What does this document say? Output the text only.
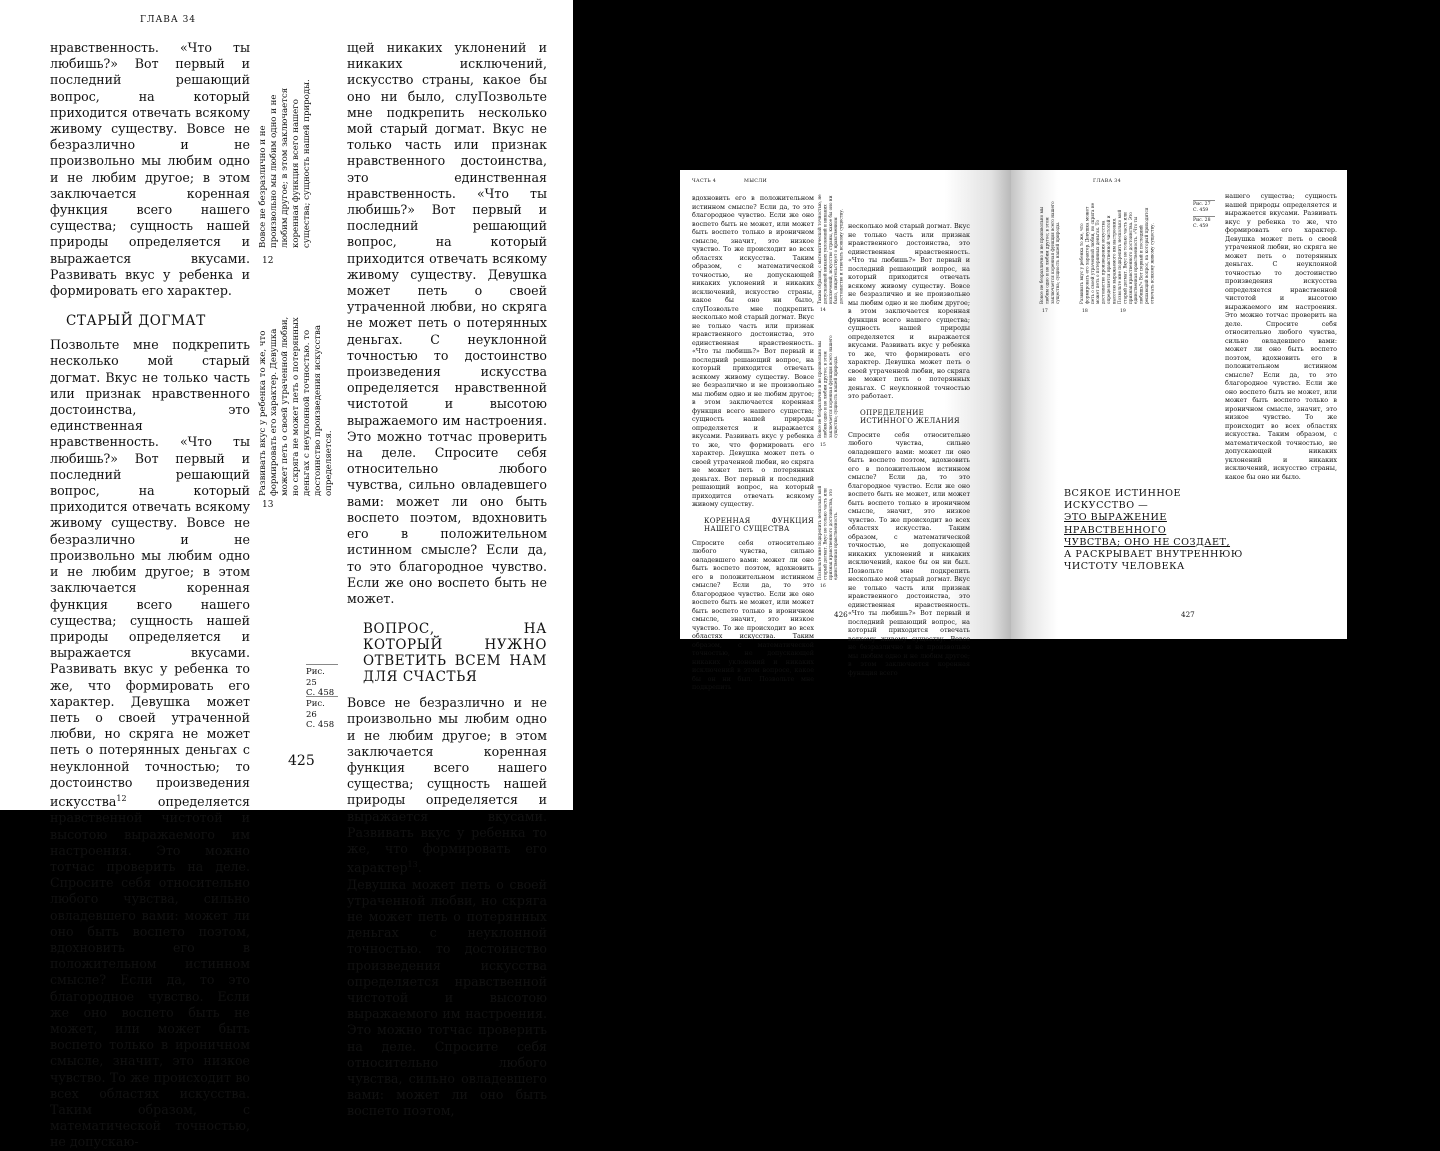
ГЛАВА 34

нравственность. «Что ты любишь?» Вот первый и последний решающий вопрос, на который приходится отвечать всякому живому существу. Вовсе не безразлично и не произвольно мы любим одно и не любим другое; в этом заключается коренная функция всего нашего существа; сущность нашей природы определяется и выражается вкусами. Развивать вкус у ребенка и формировать его характер.

СТАРЫЙ ДОГМАТ

Позвольте мне подкрепить несколько мой старый догмат. Вкус не только часть или признак нравственного достоинства, это единственная нравственность. «Что ты любишь?» Вот первый и последний решающий вопрос, на который приходится отвечать всякому живому существу. Вовсе не безразлично и не произвольно мы любим одно и не любим другое; в этом заключается коренная функция всего нашего существа; сущность нашей природы определяется и выражается вкусами. Развивать вкус у ребенка то же, что формировать его характер. Девушка может петь о своей утраченной любви, но скряга не может петь о потерянных деньгах с неуклонной точностью; то достоинство произведения искусства$^{12}$ определяется нравственной чистотой и высотою выражаемого им настроения. Это можно тотчас проверить на деле. Спросите себя относительно любого чувства, сильно овладевшего вами: может ли оно быть воспето поэтом, вдохновить его в положительном истинном смысле? Если да, то это благородное чувство. Если же оно воспето быть не может, или может быть воспето только в ироничном смысле, значит, это низкое чувство. То же происходит во всех областях искусства. Таким образом, с математической точностью, не допускаю-

Вовсе не безразлично и не произвольно мы любим одно и не любим другое; в этом заключается коренная функция всего нашего существа; сущность нашей природы.
12
Развивать вкус у ребенка то же, что формировать его характер. Девушка может петь о своей утраченной любви, но скряга не может петь о потерянных деньгах с неуклонной точностью. то достоинство произведения искусства определяется.
13
Рис. 25
С. 458
Рис. 26
С. 458

щей никаких уклонений и никаких исключений, искусство страны, какое бы оно ни было, слуПозвольте мне подкрепить несколько мой старый догмат. Вкус не только часть или признак нравственного достоинства, это единственная нравственность. «Что ты любишь?» Вот первый и последний решающий вопрос, на который приходится отвечать всякому живому существу. Девушка может петь о своей утраченной любви, но скряга не может петь о потерянных деньгах. С неуклонной точностью то достоинство произведения искусства определяется нравственной чистотой и высотою выражаемого им настроения. Это можно тотчас проверить на деле. Спросите себя относительно любого чувства, сильно овладевшего вами: может ли оно быть воспето поэтом, вдохновить его в положительном истинном смысле? Если да, то это благородное чувство. Если же оно воспето быть не может.

ВОПРОС, НА КОТОРЫЙ НУЖНО ОТВЕТИТЬ ВСЕМ НАМ ДЛЯ СЧАСТЬЯ

Вовсе не безразлично и не произвольно мы любим одно и не любим другое; в этом заключается коренная функция всего нашего существа; сущность нашей природы определяется и выражается вкусами. Развивать вкус у ребенка то же, что формировать его характер$^{13}$.

Девушка может петь о своей утраченной любви, но скряга не может петь о потерянных деньгах с неуклонной точностью. то достоинство произведения искусства определяется нравственной чистотой и высотою выражаемого им настроения. Это можно тотчас проверить на деле. Спросите себя относительно любого чувства, сильно овладевшего вами: может ли оно быть воспето поэтом,

425
ЧАСТЬ 4	МЫСЛИ

вдохновить его в положительном истинном смысле? Если да, то это благородное чувство. Если же оно воспето быть не может, или может быть воспето только в ироничном смысле, значит, это низкое чувство. То же происходит во всех областях искусства. Таким образом, с математической точностью, не допускающей никаких уклонений и никаких исключений, искусство страны, какое бы оно ни было, слуПозвольте мне подкрепить несколько мой старый догмат. Вкус не только часть или признак нравственного достоинства, это единственная нравственность. «Что ты любишь?» Вот первый и последний решающий вопрос, на который приходится отвечать всякому живому существу. Вовсе не безразлично и не произвольно мы любим одно и не любим другое; в этом заключается коренная функция всего нашего существа; сущность нашей природы определяется и выражается вкусами. Развивать вкус у ребенка то же, что формировать его характер. Девушка может петь о своей утраченной любви, но скряга не может петь о потерянных деньгах. Вот первый и последний решающий вопрос, на который приходится отвечать всякому живому существу.

КОРЕННАЯ ФУНКЦИЯ НАШЕГО СУЩЕСТВА

Спросите себя относительно любого чувства, сильно овладевшего вами: может ли оно быть воспето поэтом, вдохновить его в положительном истинном смысле? Если да, то это благородное чувство. Если же оно воспето быть не может, или может быть воспето только в ироничном смысле, значит, это низкое чувство. То же происходит во всех областях искусства. Таким образом, с математической точностью, не допускающей никаких уклонений и никаких исключений в этом вопросе, какое бы он ни был. Позвольте мне подкрепить

Таким образом, с математической точностью, не допускающей никаких уклонений и никаких исключений, искусство страны, какое бы оно ни было, свидетельствует о нравственном достоинстве и отвечать всякому существу.
14
Вовсе не безразлично и не произвольно мы любим одно и не любим другое; в этом заключается коренная функция всего нашего существа; сущность нашей природы.
15
Позвольте мне подкрепить несколько мой старый догмат. Вкус не только часть или признак нравственного достоинства, это единственная нравственность.
16

несколько мой старый догмат. Вкус не только часть или признак нравственного достоинства, это единственная нравственность. «Что ты любишь?» Вот первый и последний решающий вопрос, на который приходится отвечать всякому живому существу. Вовсе не безразлично и не произвольно мы любим одно и не любим другое; в этом заключается коренная функция всего нашего существа; сущность нашей природы определяется и выражается вкусами. Развивать вкус у ребенка то же, что формировать его характер. Девушка может петь о своей утраченной любви, но скряга не может петь о потерянных деньгах. С неуклонной точностью это работает.

ОПРЕДЕЛЕНИЕ ИСТИННОГО ЖЕЛАНИЯ

Спросите себя относительно любого чувства, сильно овладевшего вами: может ли оно быть воспето поэтом, вдохновить его в положительном истинном смысле? Если да, то это благородное чувство. Если же оно воспето быть не может, или может быть воспето только в ироничном смысле, значит, это низкое чувство. То же происходит во всех областях искусства. Таким образом, с математической точностью, не допускающей никаких уклонений и никаких исключений, какое бы он ни был. Позвольте мне подкрепить несколько мой старый догмат. Вкус не только часть или признак нравственного достоинства, это единственная нравственность. «Что ты любишь?» Вот первый и последний решающий вопрос, на который приходится отвечать всякому живому существу. Вовсе не безразлично и не произвольно мы любим одно и не любим другое; в этом заключается коренная функция всего

426
ГЛАВА 34
Вовсе не безразлично и не произвольно мы любим одно и не любим другое; в этом заключается коренная функция всего нашего существа; сущность нашей природы.
17
Развивать вкус у ребенка то же, что формировать его характер. Девушка может петь о своей утраченной любви, но скряга не может петь о потерянных деньгах. То достоинство произведения искусства определяется нравственной чистотой и высотою выражаемого им настроения.
18
Позвольте мне подкрепить несколько мой старый догмат. Вкус не только часть или признак нравственного достоинства. Это единственная нравственность. «Что ты любишь?» Вот первый и последний решающий вопрос, на который приходится отвечать всякому живому существу.
19
Рис. 27
С. 459
Рис. 28
С. 459

нашего существа; сущность нашей природы определяется и выражается вкусами. Развивать вкус у ребенка то же, что формировать его характер. Девушка может петь о своей утраченной любви, но скряга не может петь о потерянных деньгах. С неуклонной точностью то достоинство произведения искусства определяется нравственной чистотой и высотою выражаемого им настроения. Это можно тотчас проверить на деле. Спросите себя относительно любого чувства, сильно овладевшего вами: может ли оно быть воспето поэтом, вдохновить его в положительном истинном смысле? Если да, то это благородное чувство. Если же оно воспето быть не может, или может быть воспето только в ироничном смысле, значит, это низкое чувство. То же происходит во всех областях искусства. Таким образом, с математической точностью, не допускающей никаких уклонений и никаких исключений, искусство страны, какое бы оно ни было.

ВСЯКОЕ ИСТИННОЕ ИСКУССТВО —
ЭТО ВЫРАЖЕНИЕ НРАВСТВЕННОГО
ЧУВСТВА; ОНО НЕ СОЗДАЕТ,
А РАСКРЫВАЕТ ВНУТРЕННЮЮ
ЧИСТОТУ ЧЕЛОВЕКА
427
